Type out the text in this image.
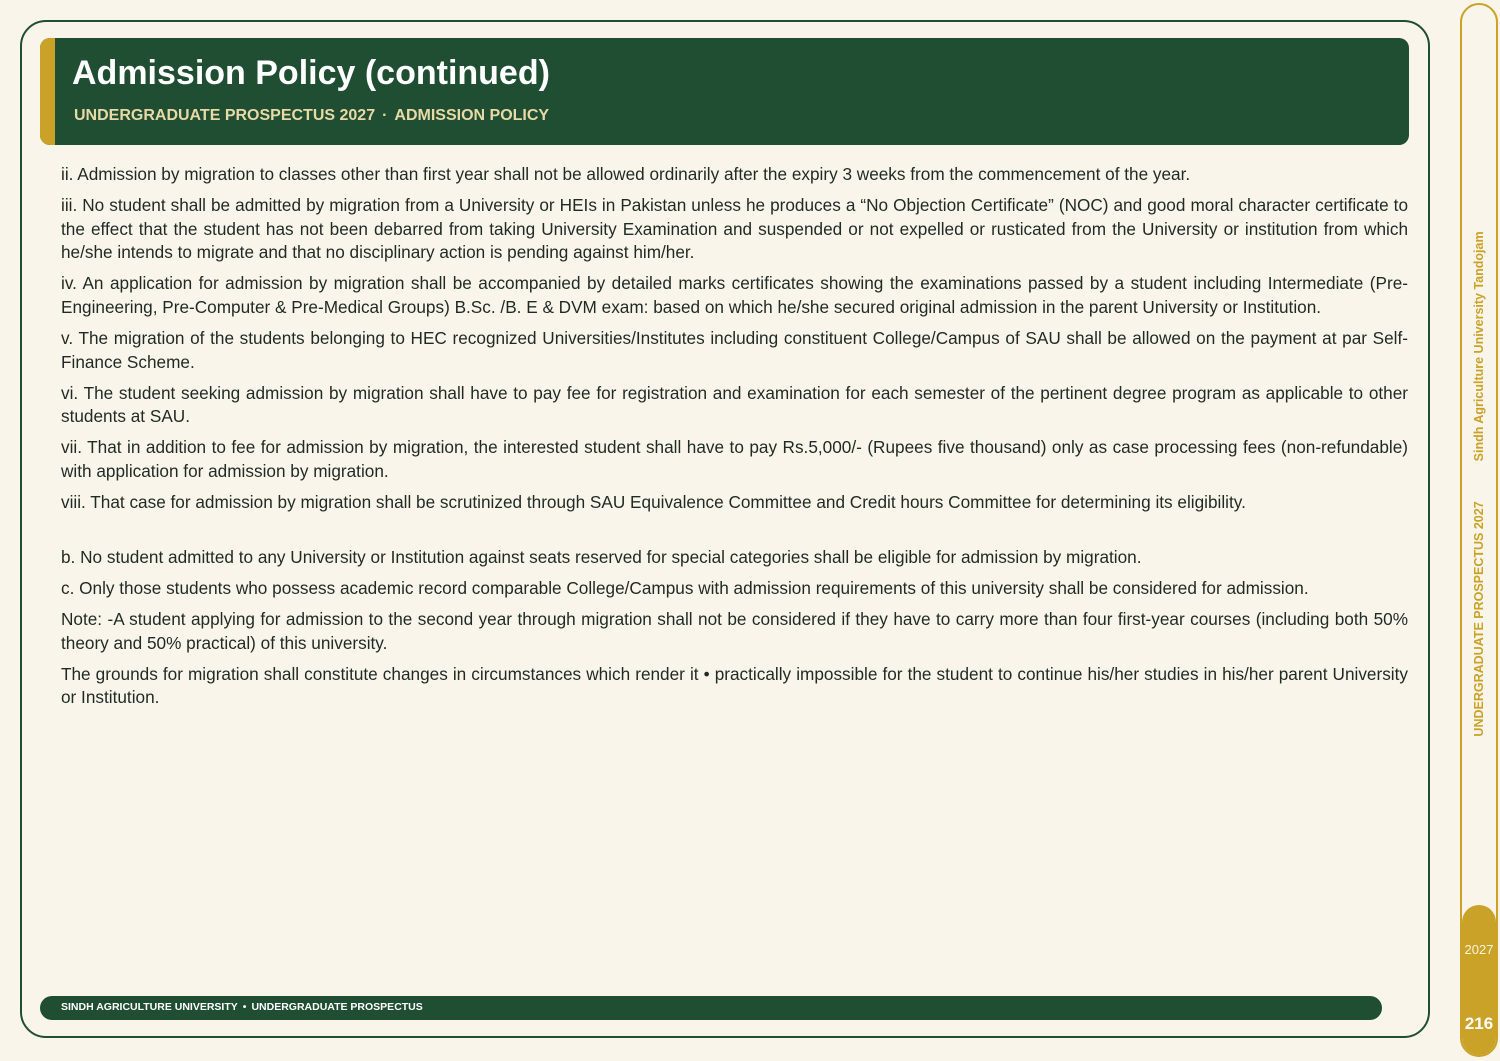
Admission Policy (continued)
UNDERGRADUATE PROSPECTUS 2027 · ADMISSION POLICY

ii. Admission by migration to classes other than first year shall not be allowed ordinarily after the expiry 3 weeks from the commencement of the year.

iii. No student shall be admitted by migration from a University or HEIs in Pakistan unless he produces a “No Objection Certificate” (NOC) and good moral character certificate to the effect that the student has not been debarred from taking University Examination and suspended or not expelled or rusticated from the University or institution from which he/she intends to migrate and that no disciplinary action is pending against him/her.

iv. An application for admission by migration shall be accompanied by detailed marks certificates showing the examinations passed by a student including Intermediate (Pre- Engineering, Pre-Computer & Pre-Medical Groups) B.Sc. /B. E & DVM exam: based on which he/she secured original admission in the parent University or Institution.

v. The migration of the students belonging to HEC recognized Universities/Institutes including constituent College/Campus of SAU shall be allowed on the payment at par Self-Finance Scheme.

vi. The student seeking admission by migration shall have to pay fee for registration and examination for each semester of the pertinent degree program as applicable to other students at SAU.

vii. That in addition to fee for admission by migration, the interested student shall have to pay Rs.5,000/- (Rupees five thousand) only as case processing fees (non-refundable) with application for admission by migration.

viii. That case for admission by migration shall be scrutinized through SAU Equivalence Committee and Credit hours Committee for determining its eligibility.

b. No student admitted to any University or Institution against seats reserved for special categories shall be eligible for admission by migration.

c. Only those students who possess academic record comparable College/Campus with admission requirements of this university shall be considered for admission.

Note: -A student applying for admission to the second year through migration shall not be considered if they have to carry more than four first-year courses (including both 50% theory and 50% practical) of this university.

The grounds for migration shall constitute changes in circumstances which render it • practically impossible for the student to continue his/her studies in his/her parent University or Institution.

SINDH AGRICULTURE UNIVERSITY • UNDERGRADUATE PROSPECTUS
2027
216
UNDERGRADUATE PROSPECTUS 2027Sindh Agriculture University Tandojam
